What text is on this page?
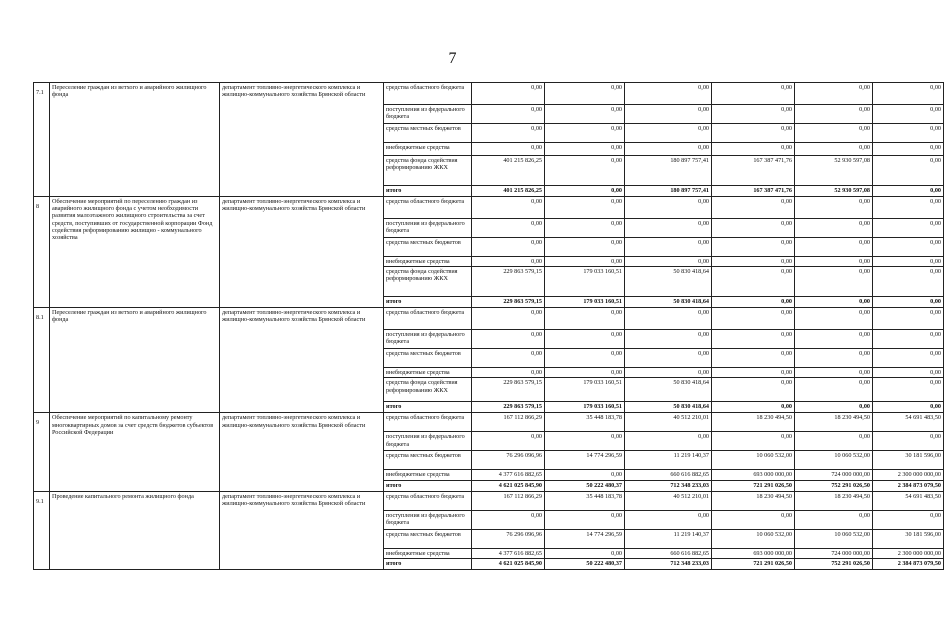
7
7.1	Переселение граждан из ветхого и аварийного жилищного фонда	департамент топливно-энергетического комплекса и жилищно-коммунального хозяйства Брянской области	средства областного бюджета	0,00	0,00	0,00	0,00	0,00	0,00
			поступления из федерального бюджета	0,00	0,00	0,00	0,00	0,00	0,00
			средства местных бюджетов	0,00	0,00	0,00	0,00	0,00	0,00
			внебюджетные средства	0,00	0,00	0,00	0,00	0,00	0,00
			средства фонда содействия реформированию ЖКХ	401 215 826,25	0,00	180 897 757,41	167 387 471,76	52 930 597,08	0,00
			итого	401 215 826,25	0,00	180 897 757,41	167 387 471,76	52 930 597,08	0,00
8	Обеспечение мероприятий по переселению граждан из аварийного жилищного фонда с учетом необходимости развития малоэтажного жилищного строительства за счет средств, поступивших от государственной корпорации Фонд содействия реформированию жилищно - коммунального хозяйства	департамент топливно-энергетического комплекса и жилищно-коммунального хозяйства Брянской области	средства областного бюджета	0,00	0,00	0,00	0,00	0,00	0,00
			поступления из федерального бюджета	0,00	0,00	0,00	0,00	0,00	0,00
			средства местных бюджетов	0,00	0,00	0,00	0,00	0,00	0,00
			внебюджетные средства	0,00	0,00	0,00	0,00	0,00	0,00
			средства фонда содействия реформированию ЖКХ	229 863 579,15	179 033 160,51	50 830 418,64	0,00	0,00	0,00
			итого	229 863 579,15	179 033 160,51	50 830 418,64	0,00	0,00	0,00
8.1	Переселение граждан из ветхого и аварийного жилищного фонда	департамент топливно-энергетического комплекса и жилищно-коммунального хозяйства Брянской области	средства областного бюджета	0,00	0,00	0,00	0,00	0,00	0,00
			поступления из федерального бюджета	0,00	0,00	0,00	0,00	0,00	0,00
			средства местных бюджетов	0,00	0,00	0,00	0,00	0,00	0,00
			внебюджетные средства	0,00	0,00	0,00	0,00	0,00	0,00
			средства фонда содействия реформированию ЖКХ	229 863 579,15	179 033 160,51	50 830 418,64	0,00	0,00	0,00
			итого	229 863 579,15	179 033 160,51	50 830 418,64	0,00	0,00	0,00
9	Обеспечение мероприятий по капитальному ремонту многоквартирных домов за счет средств бюджетов субъектов Российской Федерации	департамент топливно-энергетического комплекса и жилищно-коммунального хозяйства Брянской области	средства областного бюджета	167 112 866,29	35 448 183,78	40 512 210,01	18 230 494,50	18 230 494,50	54 691 483,50
			поступления из федерального бюджета	0,00	0,00	0,00	0,00	0,00	0,00
			средства местных бюджетов	76 296 096,96	14 774 296,59	11 219 140,37	10 060 532,00	10 060 532,00	30 181 596,00
			внебюджетные средства	4 377 616 882,65	0,00	660 616 882,65	693 000 000,00	724 000 000,00	2 300 000 000,00
			итого	4 621 025 845,90	50 222 480,37	712 348 233,03	721 291 026,50	752 291 026,50	2 384 873 079,50
9.1	Проведение капитального ремонта жилищного фонда	департамент топливно-энергетического комплекса и жилищно-коммунального хозяйства Брянской области	средства областного бюджета	167 112 866,29	35 448 183,78	40 512 210,01	18 230 494,50	18 230 494,50	54 691 483,50
			поступления из федерального бюджета	0,00	0,00	0,00	0,00	0,00	0,00
			средства местных бюджетов	76 296 096,96	14 774 296,59	11 219 140,37	10 060 532,00	10 060 532,00	30 181 596,00
			внебюджетные средства	4 377 616 882,65	0,00	660 616 882,65	693 000 000,00	724 000 000,00	2 300 000 000,00
			итого	4 621 025 845,90	50 222 480,37	712 348 233,03	721 291 026,50	752 291 026,50	2 384 873 079,50
